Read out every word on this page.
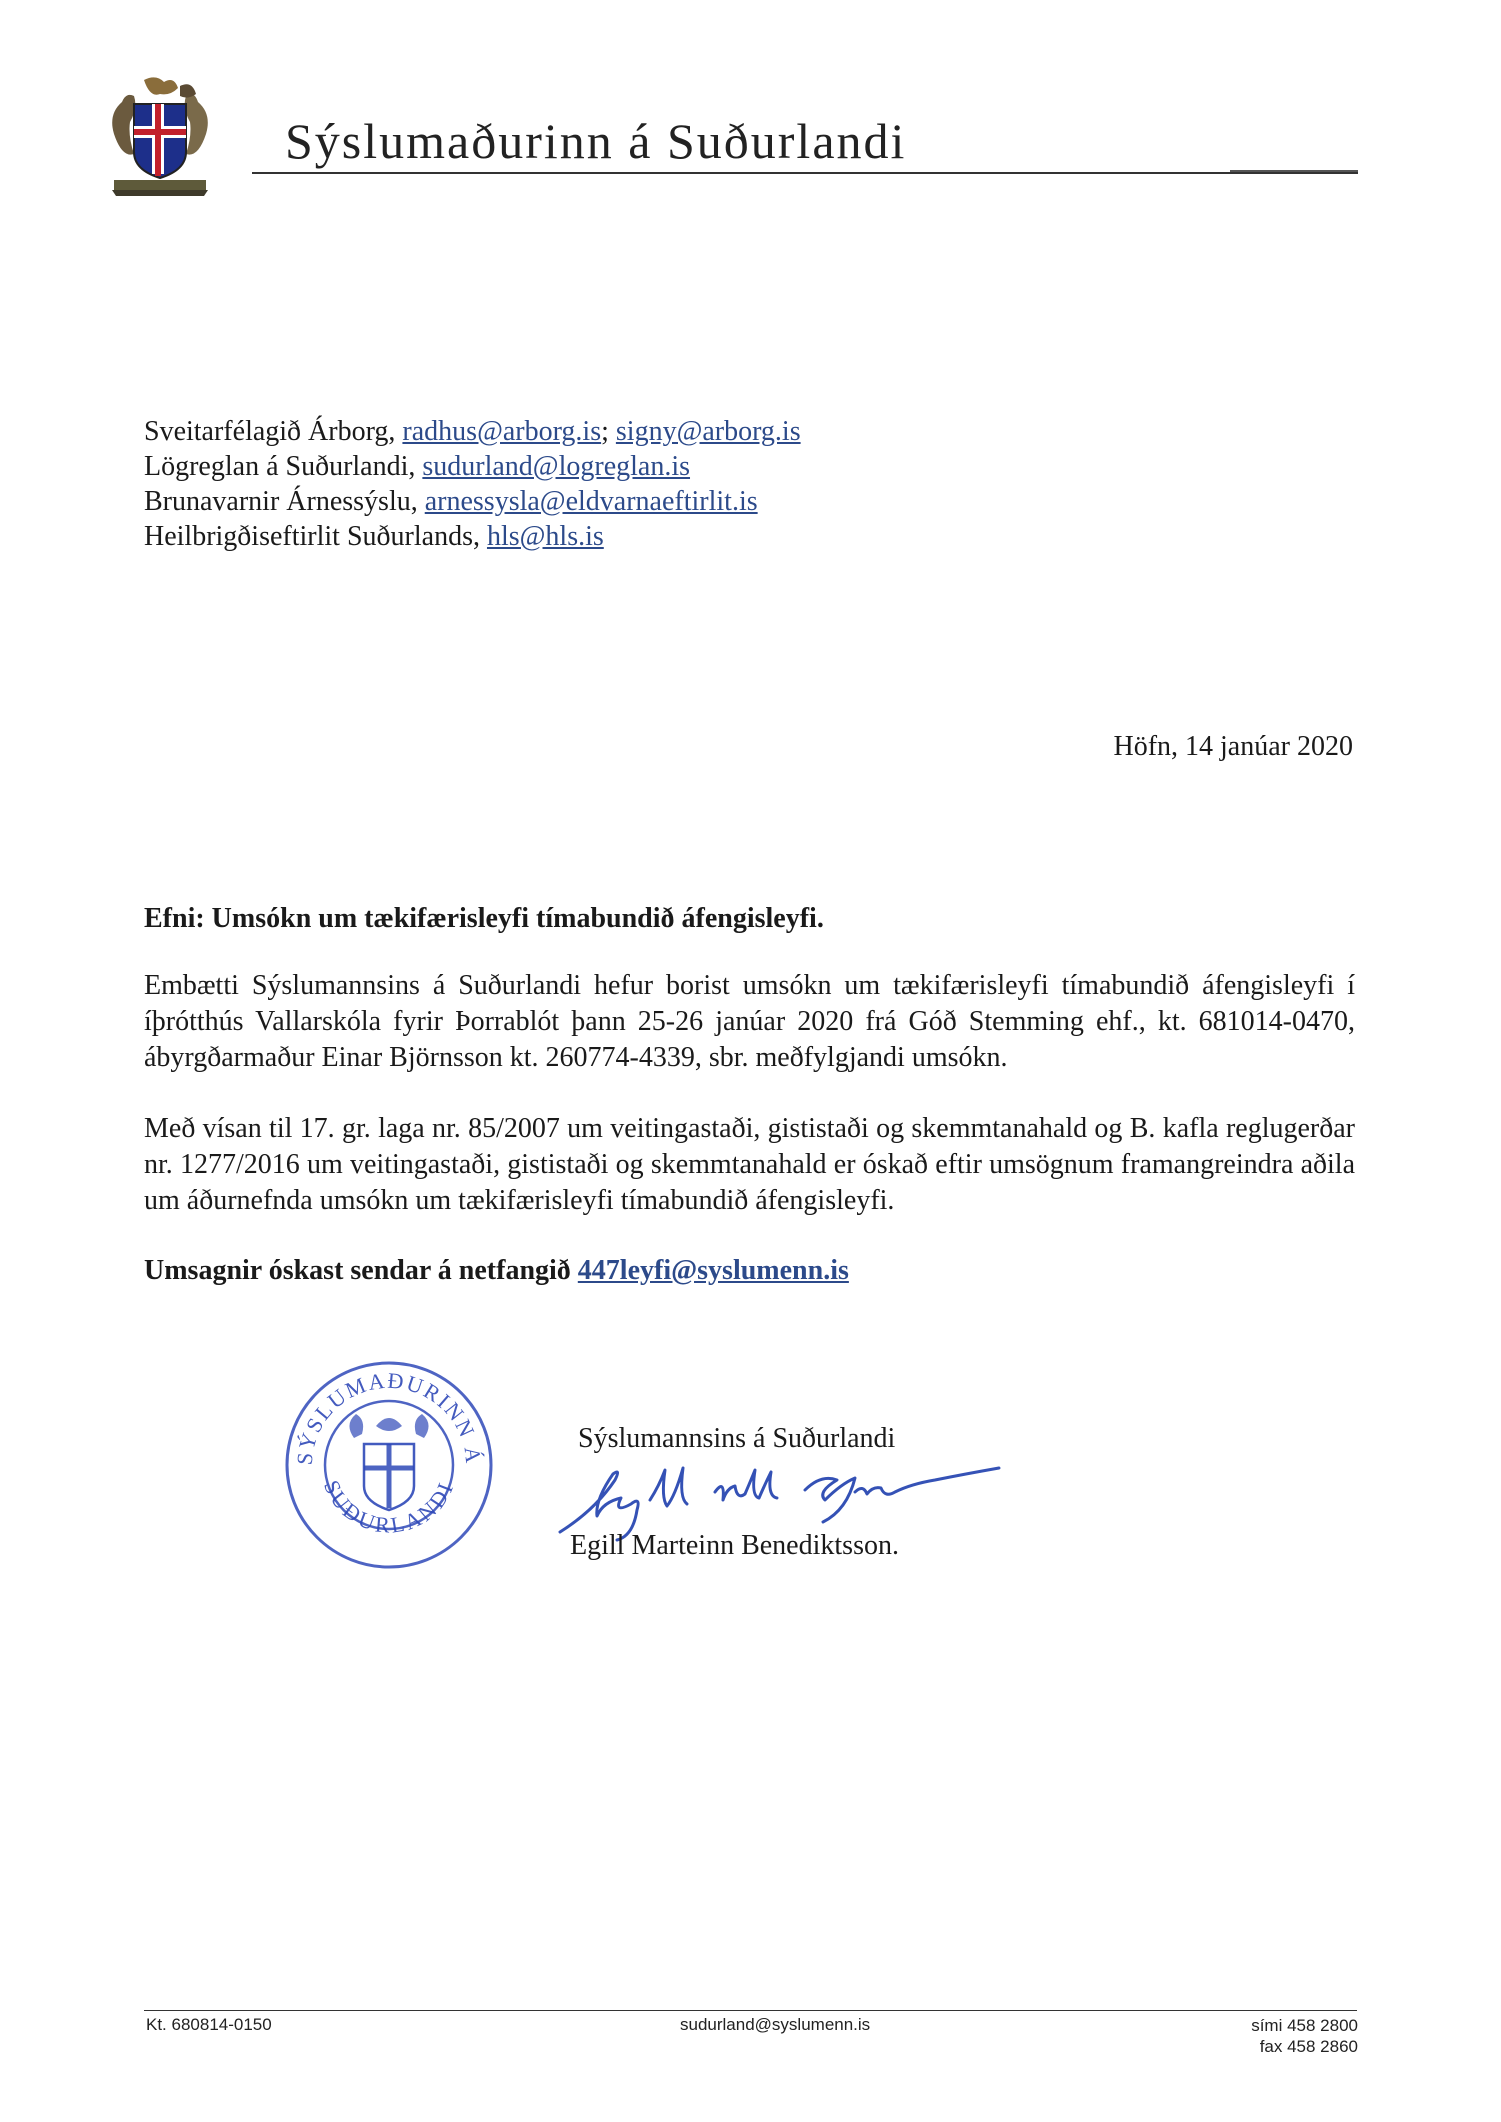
Sýslumaðurinn á Suðurlandi
Sveitarfélagið Árborg, radhus@arborg.is; signy@arborg.is
Lögreglan á Suðurlandi, sudurland@logreglan.is
Brunavarnir Árnessýslu, arnessysla@eldvarnaeftirlit.is
Heilbrigðiseftirlit Suðurlands, hls@hls.is
Höfn, 14 janúar 2020
Efni: Umsókn um tækifærisleyfi tímabundið áfengisleyfi.
Embætti Sýslumannsins á Suðurlandi hefur borist umsókn um tækifærisleyfi tímabundið áfengisleyfi í íþrótthús Vallarskóla fyrir Þorrablót þann 25-26 janúar 2020 frá Góð Stemming ehf., kt. 681014-0470, ábyrgðarmaður Einar Björnsson kt. 260774-4339, sbr. meðfylgjandi umsókn.
Með vísan til 17. gr. laga nr. 85/2007 um veitingastaði, gististaði og skemmtanahald og B. kafla reglugerðar nr. 1277/2016 um veitingastaði, gististaði og skemmtanahald er óskað eftir umsögnum framangreindra aðila um áðurnefnda umsókn um tækifærisleyfi tímabundið áfengisleyfi.
Umsagnir óskast sendar á netfangið 447leyfi@syslumenn.is
SÝSLUMAÐURINN Á
SUÐURLANDI
Sýslumannsins á Suðurlandi
Egill Marteinn Benediktsson.
Kt. 680814-0150	sudurland@syslumenn.is	sími 458 2800
fax 458 2860
